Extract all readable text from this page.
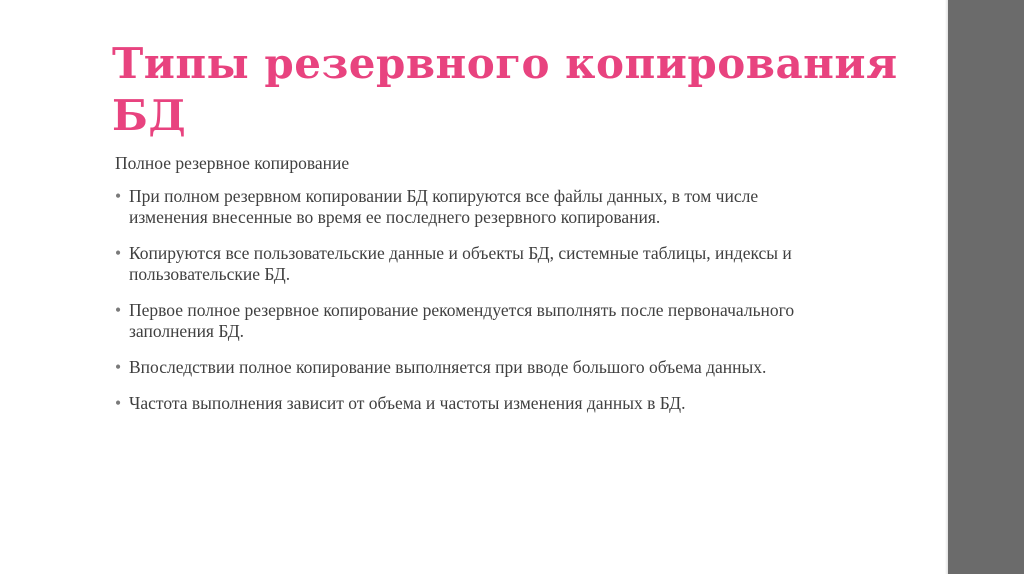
Типы резервного копирования БД

Полное резервное копирование

• При полном резервном копировании БД копируются все файлы данных, в том числе изменения внесенные во время ее последнего резервного копирования.
• Копируются все пользовательские данные и объекты БД, системные таблицы, индексы и пользовательские БД.
• Первое полное резервное копирование рекомендуется выполнять после первоначального заполнения БД.
• Впоследствии полное копирование выполняется при вводе большого объема данных.
• Частота выполнения зависит от объема и частоты изменения данных в БД.
